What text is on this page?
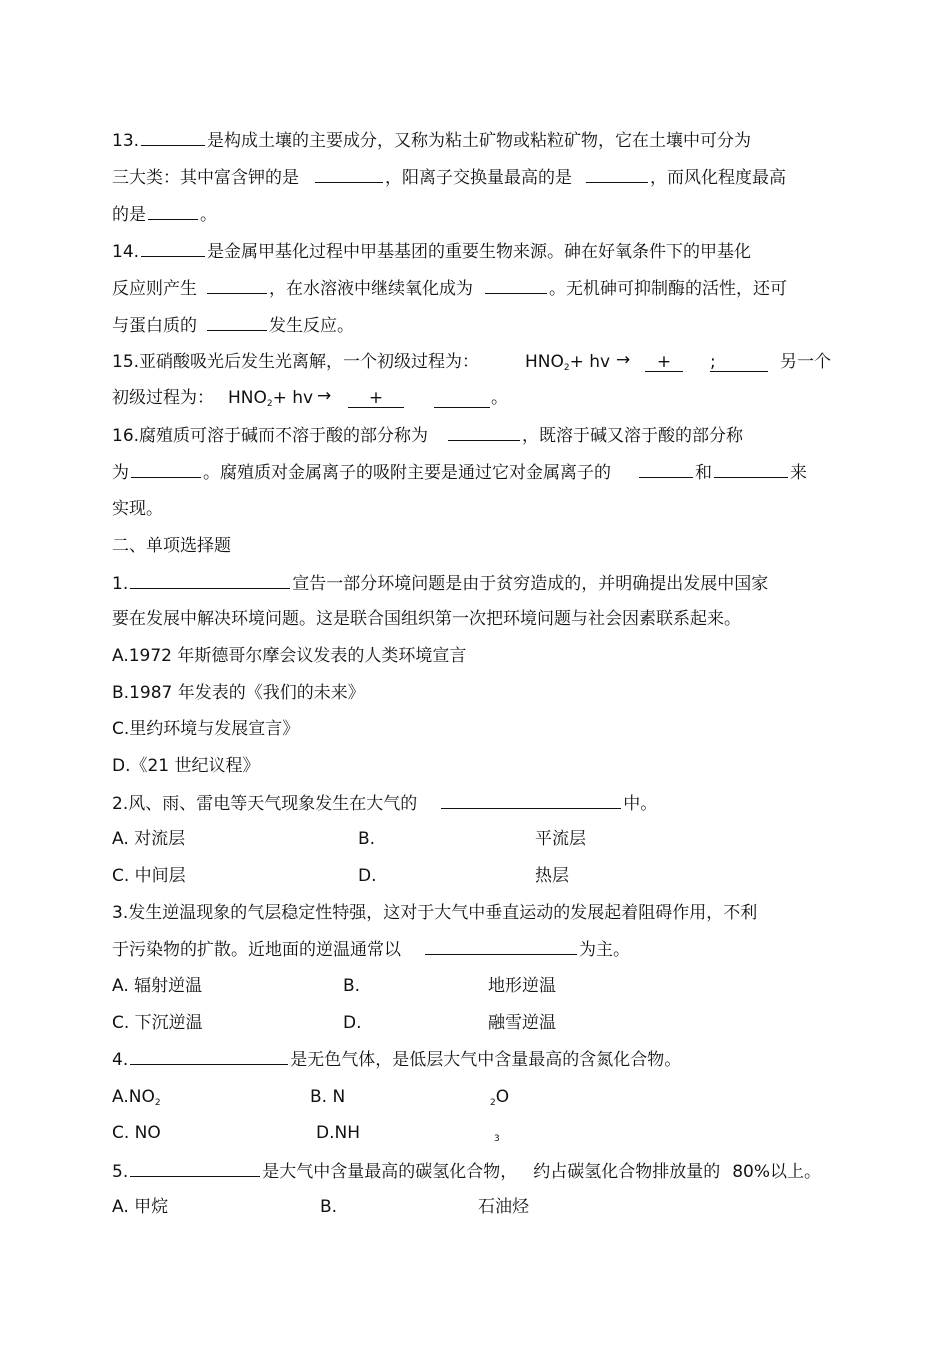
13.	是构成土壤的主要成分，又称为粘土矿物或粘粒矿物，它在土壤中可分为
三大类：其中富含钾的是	，阳离子交换量最高的是	，而风化程度最高
的是	。
14.	是金属甲基化过程中甲基基团的重要生物来源。砷在好氧条件下的甲基化
反应则产生	，在水溶液中继续氧化成为	。无机砷可抑制酶的活性，还可
与蛋白质的	发生反应。
15.亚硝酸吸光后发生光离解，一个初级过程为：	$HNO_2+$ hv →	+	;	另一个
初级过程为： $HNO_2+$ hv →	+	。
16.腐殖质可溶于碱而不溶于酸的部分称为	，既溶于碱又溶于酸的部分称
为	。腐殖质对金属离子的吸附主要是通过它对金属离子的	和	来
实现。
二、单项选择题
1.	宣告一部分环境问题是由于贫穷造成的，并明确提出发展中国家
要在发展中解决环境问题。这是联合国组织第一次把环境问题与社会因素联系起来。
A.1972 年斯德哥尔摩会议发表的人类环境宣言
B.1987 年发表的《我们的未来》
C.里约环境与发展宣言》
D.《21 世纪议程》
2.风、雨、雷电等天气现象发生在大气的	中。
A. 对流层	B.	平流层
C. 中间层	D.	热层
3.发生逆温现象的气层稳定性特强，这对于大气中垂直运动的发展起着阻碍作用，不利
于污染物的扩散。近地面的逆温通常以	为主。
A. 辐射逆温	B.	地形逆温
C. 下沉逆温	D.	融雪逆温
4.	是无色气体，是低层大气中含量最高的含氮化合物。
$A.NO_2$	B. N	$_2$O
C. NO	D.NH	3
5.	是大气中含量最高的碳氢化合物， 约占碳氢化合物排放量的 80%以上。
A. 甲烷	B.	石油烃
